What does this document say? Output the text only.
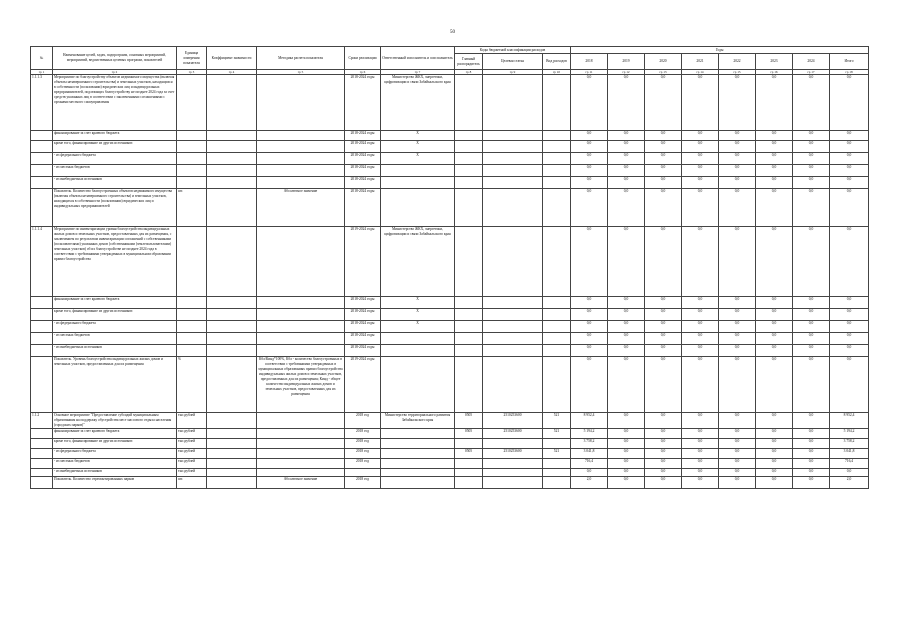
50
№	Наименование целей, задач, подпрограмм, основных мероприятий, мероприятий, ведомственных целевых программ, показателей	Единица измерения показателя	Коэффициент значимости	Методика расчета показателя	Сроки реализации	Ответственный исполнитель и соисполнитель	Коды бюджетной классификации расходов			Годы							
							Главный распорядитель	Целевая статья	Вид расходов	2018	2019	2020	2021	2022	2023	2024	Итого
гр 1	гр 2	гр 3	гр 4	гр 5	гр 6	гр 7	гр 8	гр 9	гр 10	гр 11	гр 12	гр 13	гр 14	гр 15	гр 16	гр 17	гр 18
1.1.1.3	Мероприятие по благоустройству объектов недвижимого имущества (включая объекты незавершенного строительства) и земельных участков, находящихся в собственности (пользовании) юридических лиц и индивидуальных предпринимателей, подлежащих благоустройству не позднее 2024 года за счет средств указанных лиц в соответствии с заключенными соглашениями с органами местного самоуправления				2018-2024 годы	Министерство ЖКХ, энергетики, цифровизации и связи Забайкальского края				0,0	0,0	0,0	0,0	0,0	0,0	0,0	0,0
	финансирование за счет краевого бюджета				2018-2024 годы	X				0,0	0,0	0,0	0,0	0,0	0,0	0,0	0,0
	кроме того, финансирование из других источников:				2018-2024 годы	X				0,0	0,0	0,0	0,0	0,0	0,0	0,0	0,0
	- из федерального бюджета				2018-2024 годы	X				0,0	0,0	0,0	0,0	0,0	0,0	0,0	0,0
	- из местных бюджетов				2018-2024 годы					0,0	0,0	0,0	0,0	0,0	0,0	0,0	0,0
	- из внебюджетных источников				2018-2024 годы					0,0	0,0	0,0	0,0	0,0	0,0	0,0	0,0
	Показатель. Количество благоустроенных объектов недвижимого имущества (включая объекты незавершенного строительства) и земельных участков, находящихся в собственности (пользовании) юридических лиц и индивидуальных предпринимателей	шт.		Абсолютное значение	2018-2024 годы					0,0	0,0	0,0	0,0	0,0	0,0	0,0	0,0
1.1.1.4	Мероприятие по инвентаризации уровня благоустройства индивидуальных жилых домов и земельных участков, предоставленных для их размещения, с заключением по результатам инвентаризации соглашений с собственниками (пользователями) указанных домов (собственниками (землепользователями) земельных участков) об их благоустройстве не позднее 2024 года в соответствии с требованиями утвержденных в муниципальном образовании правил благоустройства				2019-2024 годы	Министерство ЖКХ, энергетики, цифровизации и связи Забайкальского края				0,0	0,0	0,0	0,0	0,0	0,0	0,0	0,0
	финансирование за счет краевого бюджета				2018-2024 годы	X				0,0	0,0	0,0	0,0	0,0	0,0	0,0	0,0
	кроме того, финансирование из других источников:				2018-2024 годы	X				0,0	0,0	0,0	0,0	0,0	0,0	0,0	0,0
	- из федерального бюджета				2018-2024 годы	X				0,0	0,0	0,0	0,0	0,0	0,0	0,0	0,0
	- из местных бюджетов				2018-2024 годы					0,0	0,0	0,0	0,0	0,0	0,0	0,0	0,0
	- из внебюджетных источников				2018-2024 годы					0,0	0,0	0,0	0,0	0,0	0,0	0,0	0,0
	Показатель. Уровень благоустройства индивидуальных жилых домов и земельных участков, предоставленных для их размещения	%		Кбл/Кинд*100%, Кбл - количество благоустроенных в соответствии с требованиями утвержденных в муниципальных образованиях правил благоустройства индивидуальных жилых домов и земельных участков, предоставленных для их размещения; Кинд - общее количество индивидуальных жилых домов и земельных участков, предоставленных для их размещения	2019-2024 годы					0,0	0,0	0,0	0,0	0,0	0,0	0,0	0,0
1.1.2	Основное мероприятие "Предоставление субсидий муниципальным образованиям на поддержку обустройства мест массового отдыха населения (городских парков)"	тыс.рублей			2018 год	Министерство территориального развития Забайкальского края	0505	2510253600	521	8 952,4	0,0	0,0	0,0	0,0	0,0	0,0	8 952,4
	финансирование за счет краевого бюджета	тыс.рублей			2018 год		0505	2510253600	521	5 194,2	0,0	0,0	0,0	0,0	0,0	0,0	5 194,2
	кроме того, финансирование из других источников:	тыс.рублей			2018 год					3 758,2	0,0	0,0	0,0	0,0	0,0	0,0	3 758,2
	- из федерального бюджета	тыс.рублей			2018 год		0505	2510253600	521	3 041,8	0,0	0,0	0,0	0,0	0,0	0,0	3 041,8
	- из местных бюджетов	тыс.рублей			2018 год					716,4	0,0	0,0	0,0	0,0	0,0	0,0	716,4
	- из внебюджетных источников	тыс.рублей								0,0	0,0	0,0	0,0	0,0	0,0	0,0	0,0
	Показатель. Количество отремонтированных парков	шт.		Абсолютное значение	2018 год					2,0	0,0	0,0	0,0	0,0	0,0	0,0	2,0
